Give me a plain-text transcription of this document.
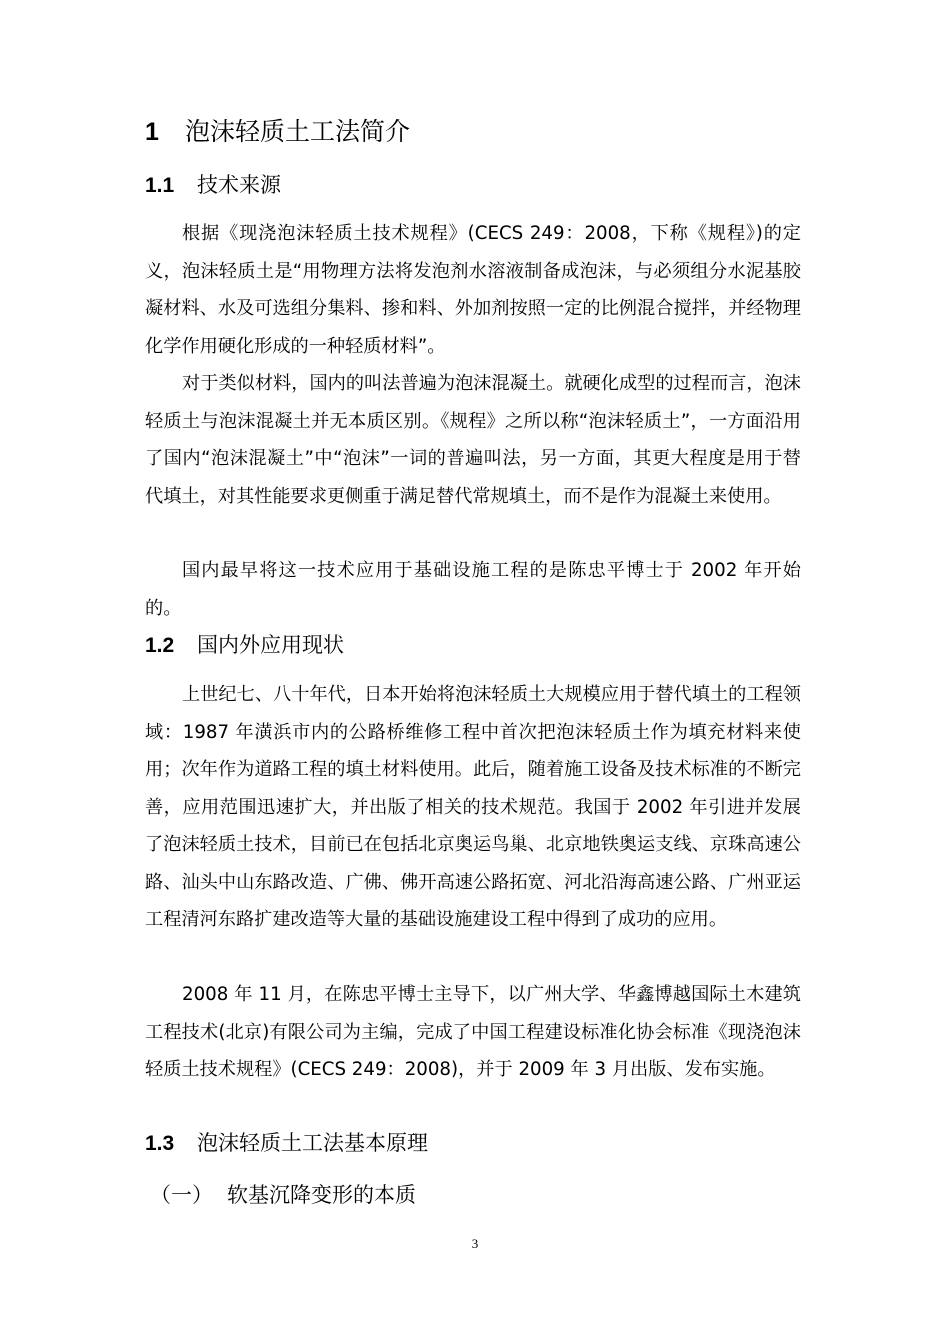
1 泡沫轻质土工法简介
1.1 技术来源

根据《现浇泡沫轻质土技术规程》(CECS 249：2008，下称《规程》)的定义，泡沫轻质土是“用物理方法将发泡剂水溶液制备成泡沫，与必须组分水泥基胶凝材料、水及可选组分集料、掺和料、外加剂按照一定的比例混合搅拌，并经物理化学作用硬化形成的一种轻质材料”。

对于类似材料，国内的叫法普遍为泡沫混凝土。就硬化成型的过程而言，泡沫轻质土与泡沫混凝土并无本质区别。《规程》之所以称“泡沫轻质土”，一方面沿用了国内“泡沫混凝土”中“泡沫”一词的普遍叫法，另一方面，其更大程度是用于替代填土，对其性能要求更侧重于满足替代常规填土，而不是作为混凝土来使用。

国内最早将这一技术应用于基础设施工程的是陈忠平博士于 2002 年开始的。

1.2 国内外应用现状

上世纪七、八十年代，日本开始将泡沫轻质土大规模应用于替代填土的工程领域：1987 年潢浜市内的公路桥维修工程中首次把泡沫轻质土作为填充材料来使用；次年作为道路工程的填土材料使用。此后，随着施工设备及技术标准的不断完善，应用范围迅速扩大，并出版了相关的技术规范。我国于 2002 年引进并发展了泡沫轻质土技术，目前已在包括北京奥运鸟巢、北京地铁奥运支线、京珠高速公路、汕头中山东路改造、广佛、佛开高速公路拓宽、河北沿海高速公路、广州亚运工程清河东路扩建改造等大量的基础设施建设工程中得到了成功的应用。

2008 年 11 月，在陈忠平博士主导下，以广州大学、华鑫博越国际土木建筑工程技术(北京)有限公司为主编，完成了中国工程建设标准化协会标准《现浇泡沫轻质土技术规程》(CECS 249：2008)，并于 2009 年 3 月出版、发布实施。

1.3 泡沫轻质土工法基本原理
（一） 软基沉降变形的本质
3
